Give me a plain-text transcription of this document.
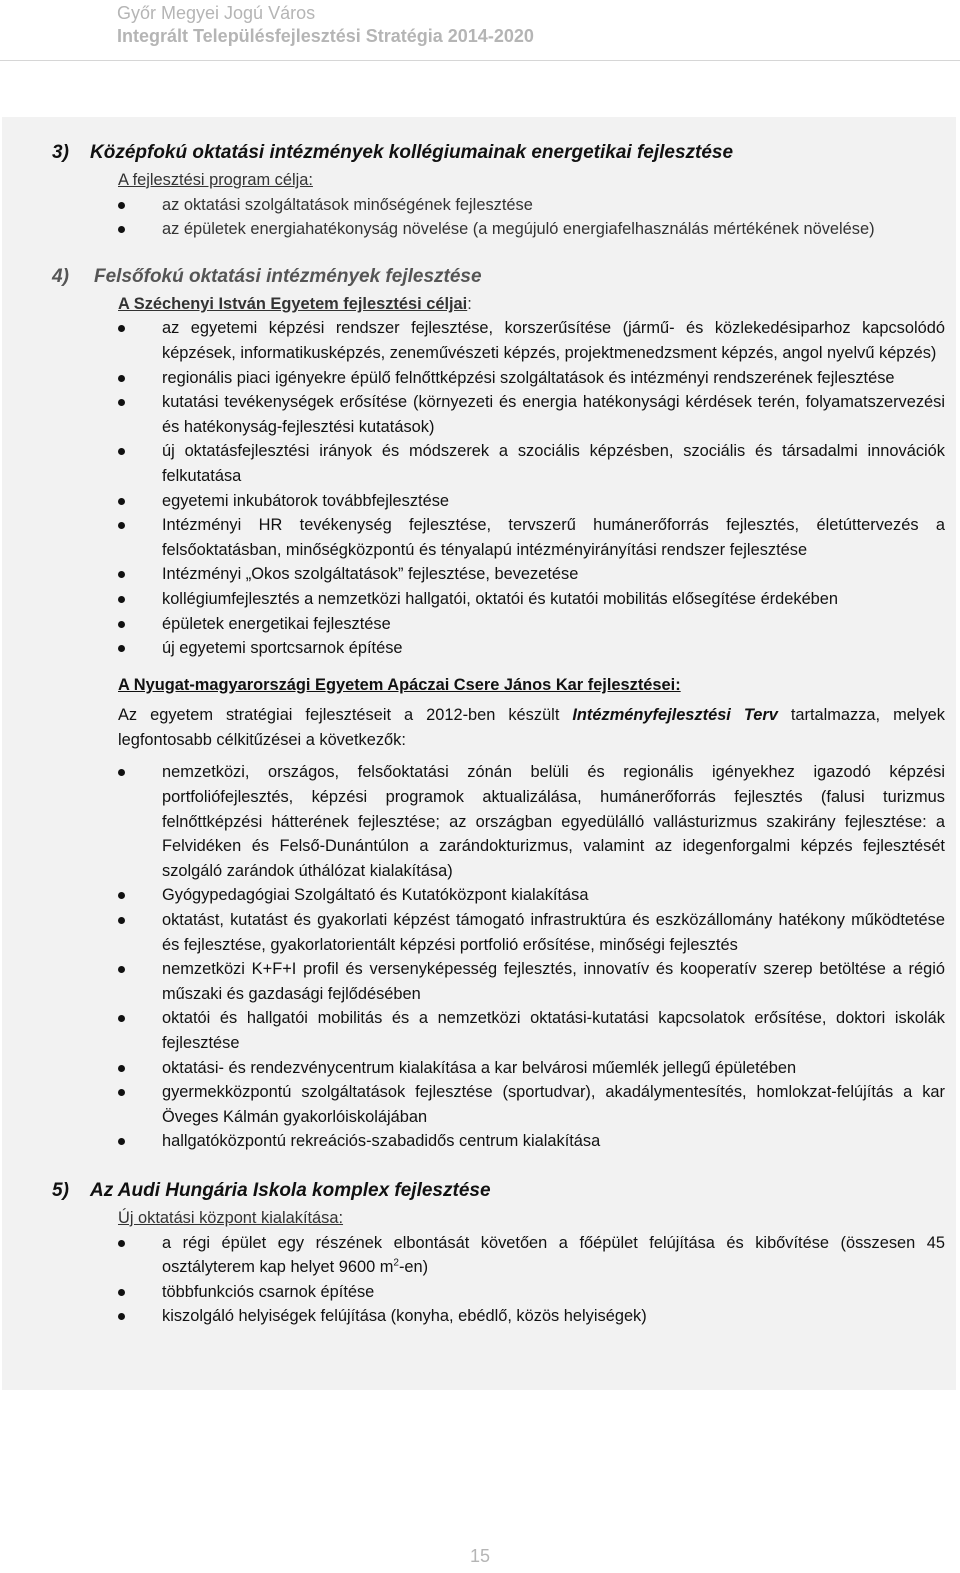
Győr Megyei Jogú Város
Integrált Településfejlesztési Stratégia 2014-2020
3)	Középfokú oktatási intézmények kollégiumainak energetikai fejlesztése
A fejlesztési program célja:
az oktatási szolgáltatások minőségének fejlesztése
az épületek energiahatékonyság növelése (a megújuló energiafelhasználás mértékének növelése)
4)	Felsőfokú oktatási intézmények fejlesztése
A Széchenyi István Egyetem fejlesztési céljai:
az egyetemi képzési rendszer fejlesztése, korszerűsítése (jármű- és közlekedésiparhoz kapcsolódó képzések, informatikusképzés, zeneművészeti képzés, projektmenedzsment képzés, angol nyelvű képzés)
regionális piaci igényekre épülő felnőttképzési szolgáltatások és intézményi rendszerének fejlesztése
kutatási tevékenységek erősítése (környezeti és energia hatékonysági kérdések terén, folyamatszervezési és hatékonyság-fejlesztési kutatások)
új oktatásfejlesztési irányok és módszerek a szociális képzésben, szociális és társadalmi innovációk felkutatása
egyetemi inkubátorok továbbfejlesztése
Intézményi HR tevékenység fejlesztése, tervszerű humánerőforrás fejlesztés, életúttervezés a felsőoktatásban, minőségközpontú és tényalapú intézményirányítási rendszer fejlesztése
Intézményi „Okos szolgáltatások” fejlesztése, bevezetése
kollégiumfejlesztés a nemzetközi hallgatói, oktatói és kutatói mobilitás elősegítése érdekében
épületek energetikai fejlesztése
új egyetemi sportcsarnok építése
A Nyugat-magyarországi Egyetem Apáczai Csere János Kar fejlesztései:
Az egyetem stratégiai fejlesztéseit a 2012-ben készült Intézményfejlesztési Terv tartalmazza, melyek legfontosabb célkitűzései a következők:
nemzetközi, országos, felsőoktatási zónán belüli és regionális igényekhez igazodó képzési portfoliófejlesztés, képzési programok aktualizálása, humánerőforrás fejlesztés (falusi turizmus felnőttképzési hátterének fejlesztése; az országban egyedülálló vallásturizmus szakirány fejlesztése: a Felvidéken és Felső-Dunántúlon a zarándokturizmus, valamint az idegenforgalmi képzés fejlesztését szolgáló zarándok úthálózat kialakítása)
Gyógypedagógiai Szolgáltató és Kutatóközpont kialakítása
oktatást, kutatást és gyakorlati képzést támogató infrastruktúra és eszközállomány hatékony működtetése és fejlesztése, gyakorlatorientált képzési portfolió erősítése, minőségi fejlesztés
nemzetközi K+F+I profil és versenyképesség fejlesztés, innovatív és kooperatív szerep betöltése a régió műszaki és gazdasági fejlődésében
oktatói és hallgatói mobilitás és a nemzetközi oktatási-kutatási kapcsolatok erősítése, doktori iskolák fejlesztése
oktatási- és rendezvénycentrum kialakítása a kar belvárosi műemlék jellegű épületében
gyermekközpontú szolgáltatások fejlesztése (sportudvar), akadálymentesítés, homlokzat-felújítás a kar Öveges Kálmán gyakorlóiskolájában
hallgatóközpontú rekreációs-szabadidős centrum kialakítása
5)	Az Audi Hungária Iskola komplex fejlesztése
Új oktatási központ kialakítása:
a régi épület egy részének elbontását követően a főépület felújítása és kibővítése (összesen 45 osztályterem kap helyet 9600 $m^2-en$)
többfunkciós csarnok építése
kiszolgáló helyiségek felújítása (konyha, ebédlő, közös helyiségek)
15
